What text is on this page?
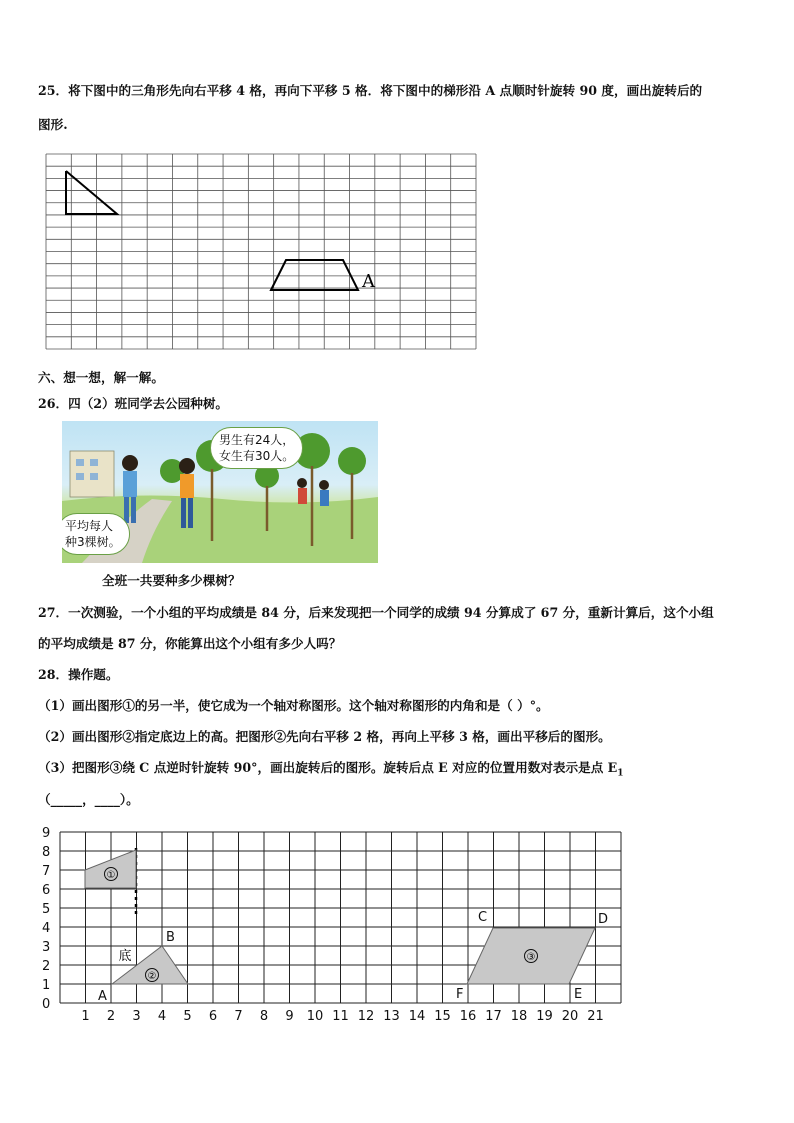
25．将下图中的三角形先向右平移 4 格，再向下平移 5 格．将下图中的梯形沿 A 点顺时针旋转 90 度，画出旋转后的
图形.
A
六、想一想，解一解。
26．四（2）班同学去公园种树。
男生有24人，
女生有30人。
平均每人
种3棵树。
全班一共要种多少棵树？
27．一次测验，一个小组的平均成绩是 84 分，后来发现把一个同学的成绩 94 分算成了 67 分，重新计算后，这个小组
的平均成绩是 87 分，你能算出这个小组有多少人吗？
28．操作题。
（1）画出图形①的另一半，使它成为一个轴对称图形。这个轴对称图形的内角和是（ ）°。
（2）画出图形②指定底边上的高。把图形②先向右平移 2 格，再向上平移 3 格，画出平移后的图形。
（3）把图形③绕 C 点逆时针旋转 90°，画出旋转后的图形。旋转后点 E 对应的位置用数对表示是点 $E_1$
（_____，____）。
9
8
7
6
5
4
3
2
1
0
1 2 3 4 5 6 7 8 9 10 11 12 13 14 15 16 17 18 19 20 21
①
②
底	③
A
B
C	D
E
F
